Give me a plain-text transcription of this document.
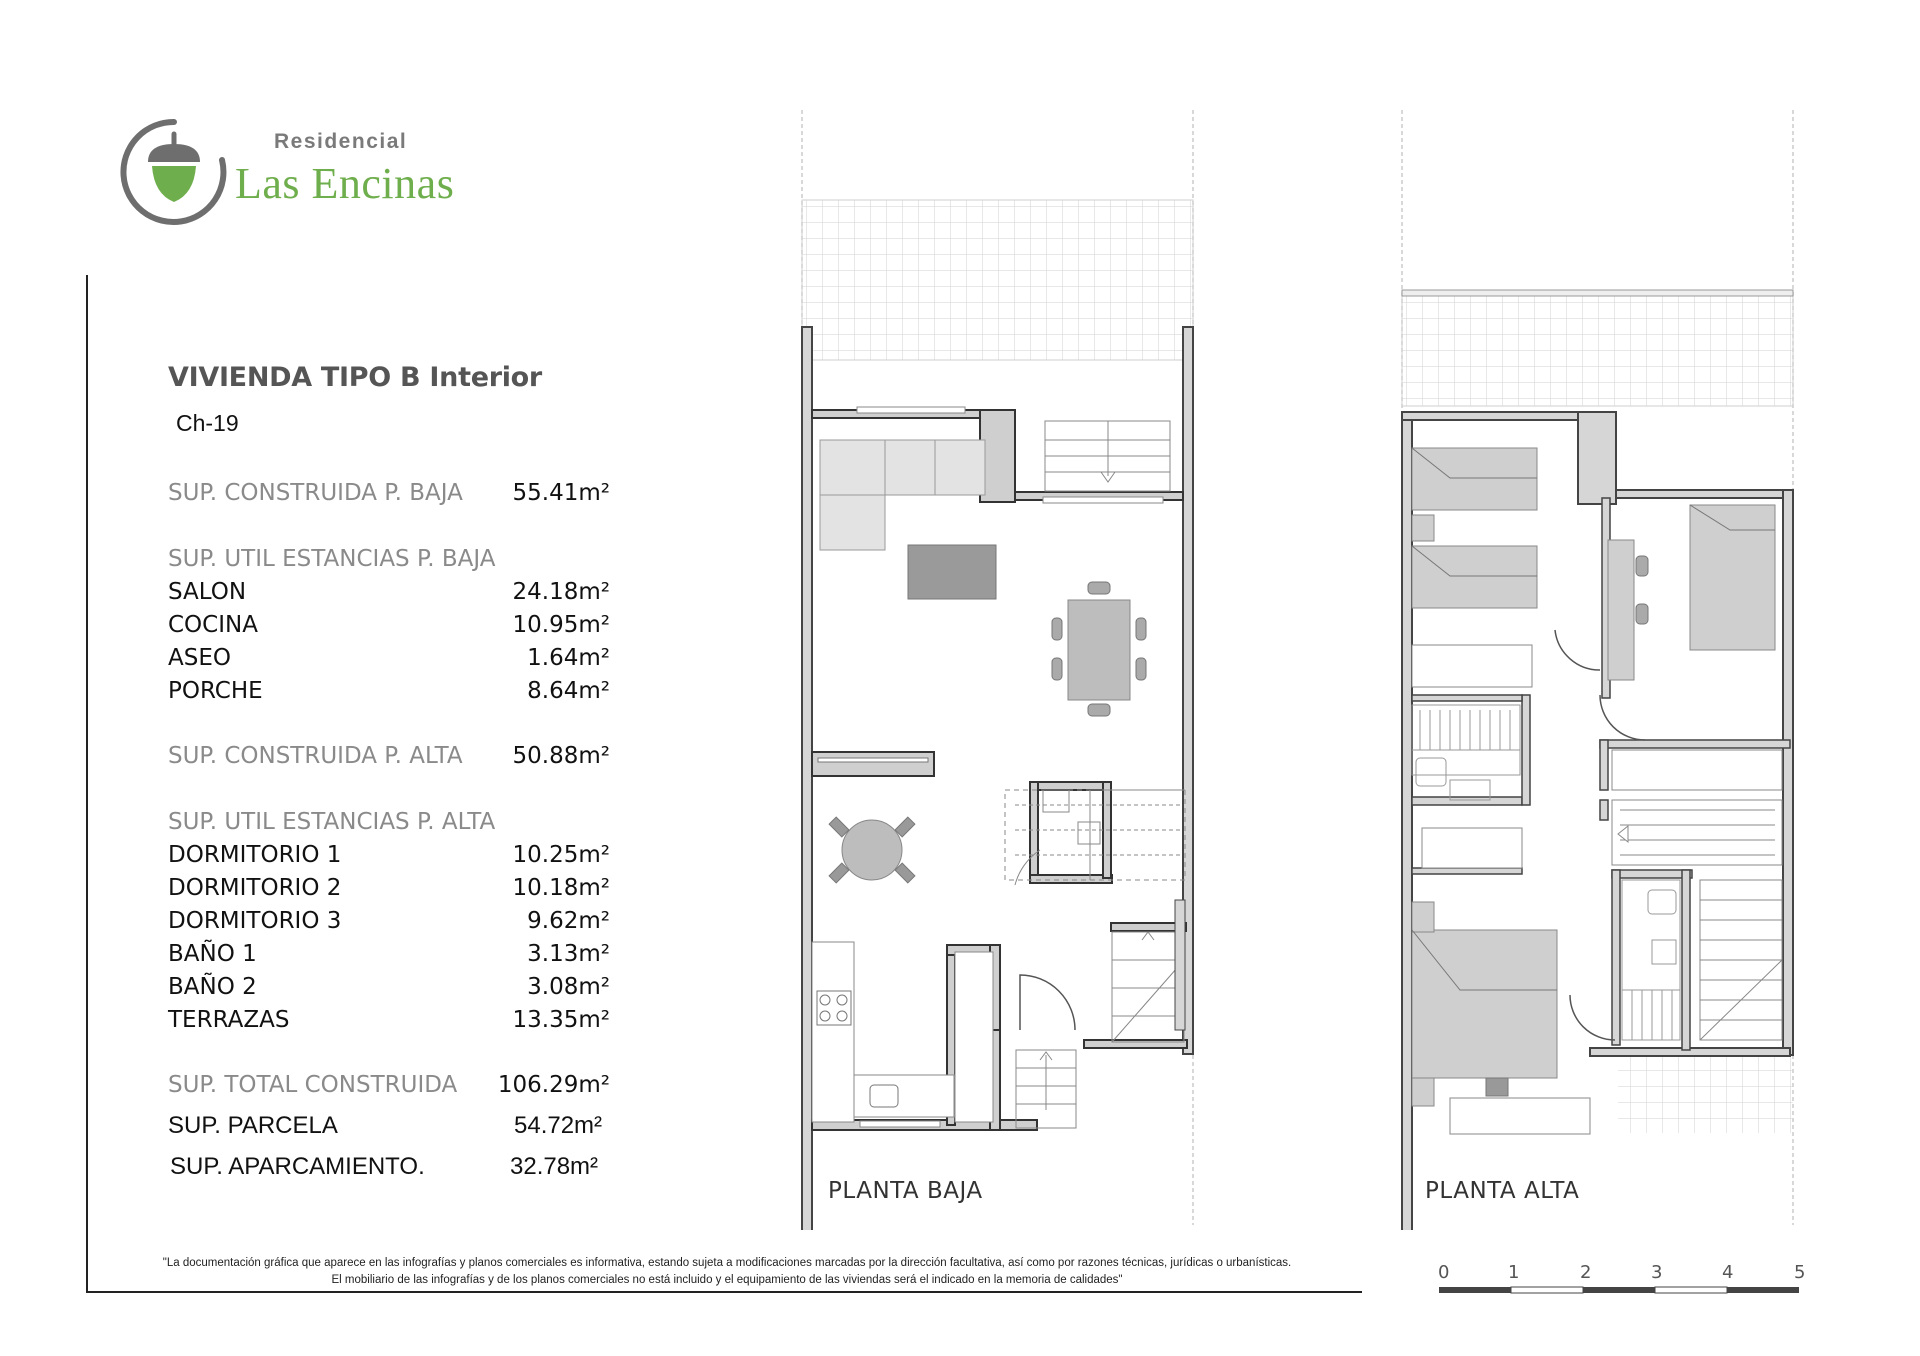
Residencial
Las Encinas
VIVIENDA TIPO B Interior
Ch-19
SUP. CONSTRUIDA P. BAJA	55.41m²
SUP. UTIL ESTANCIAS P. BAJA
SALON	24.18m²
COCINA	10.95m²
ASEO	1.64m²
PORCHE	8.64m²
SUP. CONSTRUIDA P. ALTA	50.88m²
SUP. UTIL ESTANCIAS P. ALTA
DORMITORIO 1	10.25m²
DORMITORIO 2	10.18m²
DORMITORIO 3	9.62m²
BAÑO 1	3.13m²
BAÑO 2	3.08m²
TERRAZAS	13.35m²
SUP. TOTAL CONSTRUIDA	106.29m²
SUP. PARCELA	54.72m²
SUP. APARCAMIENTO.	32.78m²
PLANTA BAJA	PLANTA ALTA
0	1	2	3	4	5
"La documentación gráfica que aparece en las infografías y planos comerciales es informativa, estando sujeta a modificaciones marcadas por la dirección facultativa, así como por razones técnicas, jurídicas o urbanísticas.
El mobiliario de las infografías y de los planos comerciales no está incluido y el equipamiento de las viviendas será el indicado en la memoria de calidades"
